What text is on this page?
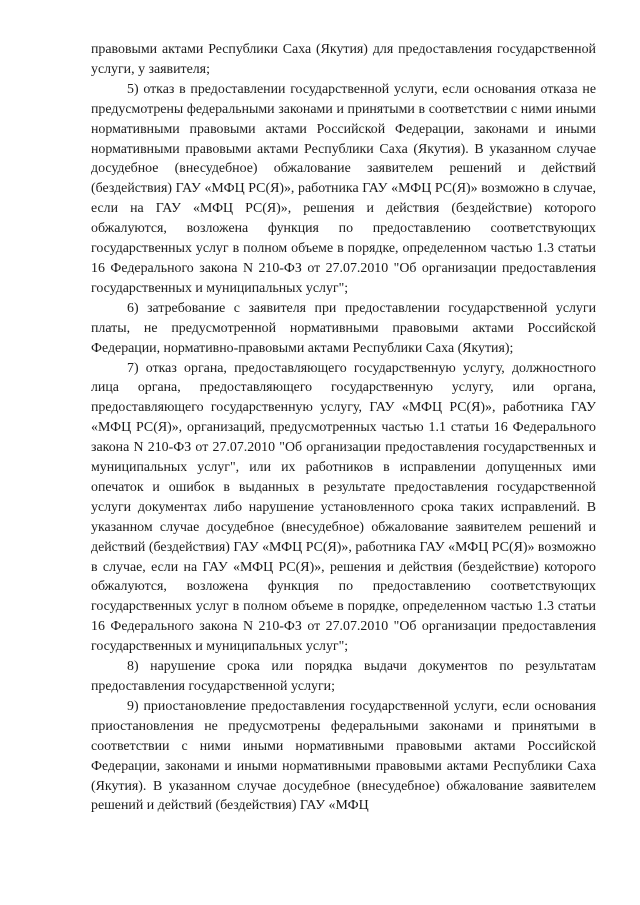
правовыми актами Республики Саха (Якутия) для предоставления государственной услуги, у заявителя;

5) отказ в предоставлении государственной услуги, если основания отказа не предусмотрены федеральными законами и принятыми в соответствии с ними иными нормативными правовыми актами Российской Федерации, законами и иными нормативными правовыми актами Республики Саха (Якутия). В указанном случае досудебное (внесудебное) обжалование заявителем решений и действий (бездействия) ГАУ «МФЦ РС(Я)», работника ГАУ «МФЦ РС(Я)» возможно в случае, если на ГАУ «МФЦ РС(Я)», решения и действия (бездействие) которого обжалуются, возложена функция по предоставлению соответствующих государственных услуг в полном объеме в порядке, определенном частью 1.3 статьи 16 Федерального закона N 210-ФЗ от 27.07.2010 "Об организации предоставления государственных и муниципальных услуг";

6) затребование с заявителя при предоставлении государственной услуги платы, не предусмотренной нормативными правовыми актами Российской Федерации, нормативно-правовыми актами Республики Саха (Якутия);

7) отказ органа, предоставляющего государственную услугу, должностного лица органа, предоставляющего государственную услугу, или органа, предоставляющего государственную услугу, ГАУ «МФЦ РС(Я)», работника ГАУ «МФЦ РС(Я)», организаций, предусмотренных частью 1.1 статьи 16 Федерального закона N 210-ФЗ от 27.07.2010 "Об организации предоставления государственных и муниципальных услуг", или их работников в исправлении допущенных ими опечаток и ошибок в выданных в результате предоставления государственной услуги документах либо нарушение установленного срока таких исправлений. В указанном случае досудебное (внесудебное) обжалование заявителем решений и действий (бездействия) ГАУ «МФЦ РС(Я)», работника ГАУ «МФЦ РС(Я)» возможно в случае, если на ГАУ «МФЦ РС(Я)», решения и действия (бездействие) которого обжалуются, возложена функция по предоставлению соответствующих государственных услуг в полном объеме в порядке, определенном частью 1.3 статьи 16 Федерального закона N 210-ФЗ от 27.07.2010 "Об организации предоставления государственных и муниципальных услуг";

8) нарушение срока или порядка выдачи документов по результатам предоставления государственной услуги;

9) приостановление предоставления государственной услуги, если основания приостановления не предусмотрены федеральными законами и принятыми в соответствии с ними иными нормативными правовыми актами Российской Федерации, законами и иными нормативными правовыми актами Республики Саха (Якутия). В указанном случае досудебное (внесудебное) обжалование заявителем решений и действий (бездействия) ГАУ «МФЦ
